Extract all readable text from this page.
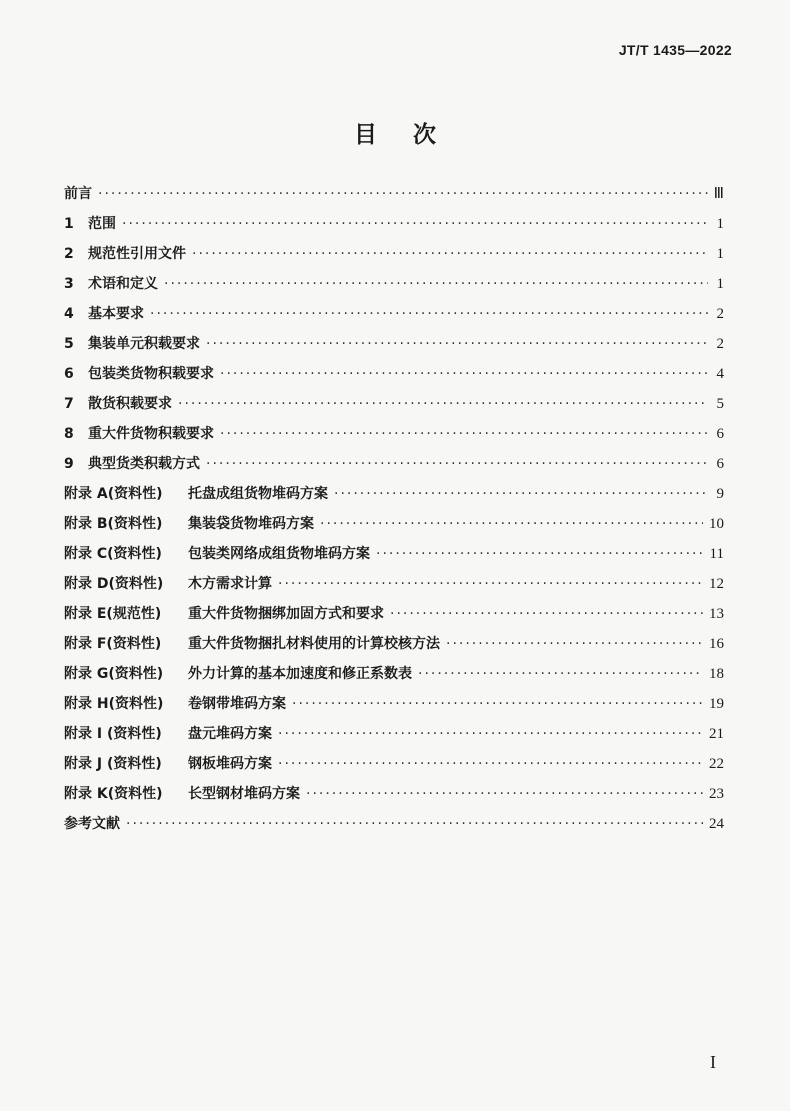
JT/T 1435—2022
目 次
前言 ·····	Ⅲ
1	范围 ·····	1
2	规范性引用文件 ·····	1
3	术语和定义 ·····	1
4	基本要求 ·····	2
5	集装单元积载要求 ·····	2
6	包装类货物积载要求 ·····	4
7	散货积载要求 ·····	5
8	重大件货物积载要求 ·····	6
9	典型货类积载方式 ·····	6
附录 A(资料性)	托盘成组货物堆码方案 ·····	9
附录 B(资料性)	集装袋货物堆码方案 ·····	10
附录 C(资料性)	包装类网络成组货物堆码方案 ·····	11
附录 D(资料性)	木方需求计算 ·····	12
附录 E(规范性)	重大件货物捆绑加固方式和要求 ·····	13
附录 F(资料性)	重大件货物捆扎材料使用的计算校核方法 ·····	16
附录 G(资料性)	外力计算的基本加速度和修正系数表 ·····	18
附录 H(资料性)	卷钢带堆码方案 ·····	19
附录 I (资料性)	盘元堆码方案 ·····	21
附录 J (资料性)	钢板堆码方案 ·····	22
附录 K(资料性)	长型钢材堆码方案 ·····	23
参考文献 ·····	24
I
